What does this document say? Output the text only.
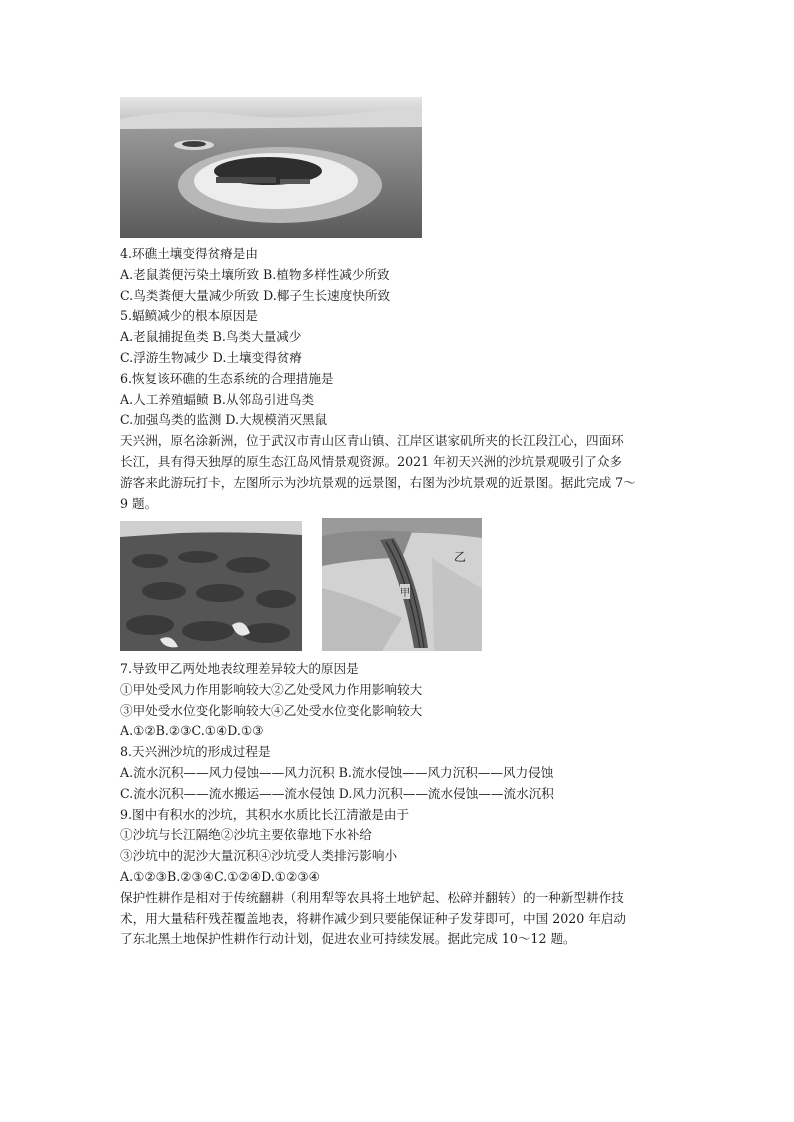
4.环礁土壤变得贫瘠是由
A.老鼠粪便污染土壤所致 B.植物多样性减少所致
C.鸟类粪便大量减少所致 D.椰子生长速度快所致
5.蝠鲼减少的根本原因是
A.老鼠捕捉鱼类 B.鸟类大量减少
C.浮游生物减少 D.土壤变得贫瘠
6.恢复该环礁的生态系统的合理措施是
A.人工养殖蝠鲼 B.从邻岛引进鸟类
C.加强鸟类的监测 D.大规模消灭黑鼠
天兴洲，原名涂新洲，位于武汉市青山区青山镇、江岸区谌家矶所夹的长江段江心，四面环
长江，具有得天独厚的原生态江岛风情景观资源。2021 年初天兴洲的沙坑景观吸引了众多
游客来此游玩打卡，左图所示为沙坑景观的远景图，右图为沙坑景观的近景图。据此完成 7～
9 题。
乙
甲
7.导致甲乙两处地表纹理差异较大的原因是
①甲处受风力作用影响较大②乙处受风力作用影响较大
③甲处受水位变化影响较大④乙处受水位变化影响较大
A.①②B.②③C.①④D.①③
8.天兴洲沙坑的形成过程是
A.流水沉积——风力侵蚀——风力沉积 B.流水侵蚀——风力沉积——风力侵蚀
C.流水沉积——流水搬运——流水侵蚀 D.风力沉积——流水侵蚀——流水沉积
9.图中有积水的沙坑，其积水水质比长江清澈是由于
①沙坑与长江隔绝②沙坑主要依靠地下水补给
③沙坑中的泥沙大量沉积④沙坑受人类排污影响小
A.①②③B.②③④C.①②④D.①②③④
保护性耕作是相对于传统翻耕（利用犁等农具将土地铲起、松碎并翻转）的一种新型耕作技
术，用大量秸秆残茬覆盖地表，将耕作减少到只要能保证种子发芽即可，中国 2020 年启动
了东北黑土地保护性耕作行动计划，促进农业可持续发展。据此完成 10～12 题。
